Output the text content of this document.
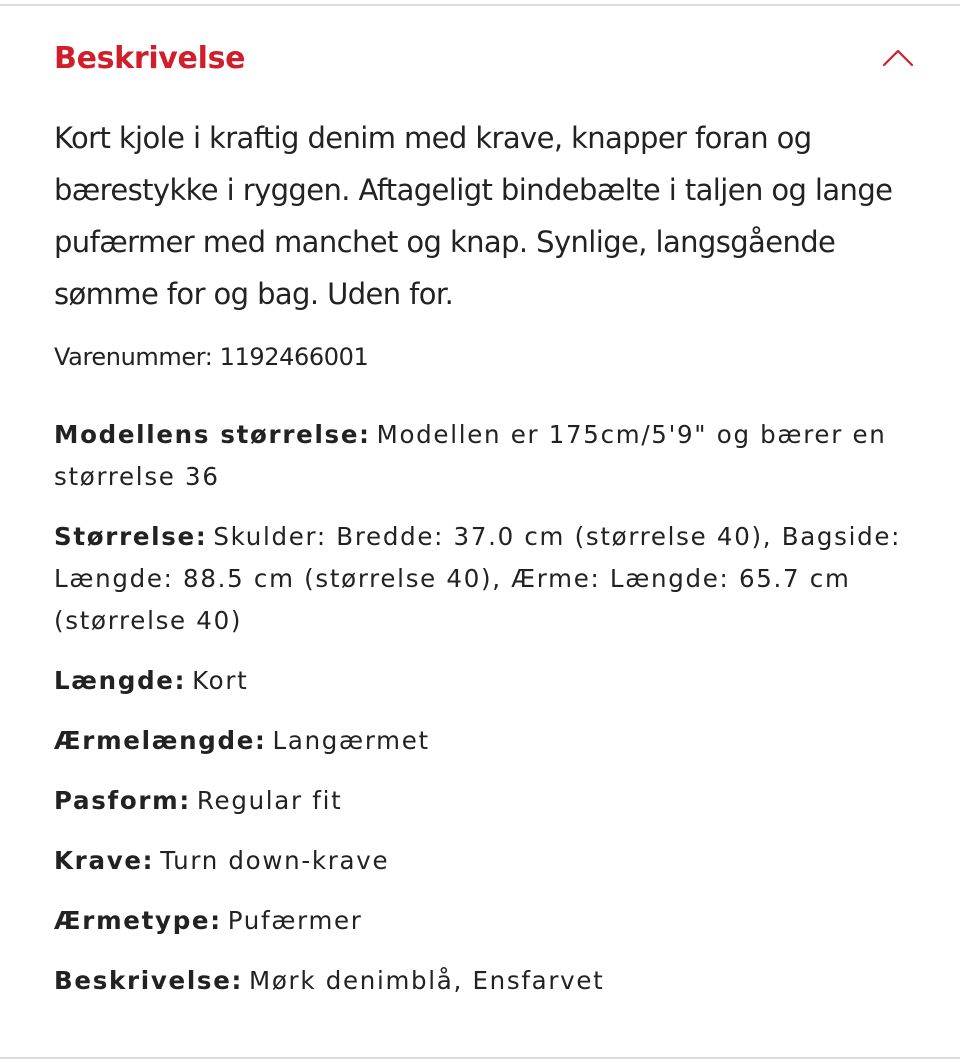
Beskrivelse

Kort kjole i kraftig denim med krave, knapper foran og bærestykke i ryggen. Aftageligt bindebælte i taljen og lange pufærmer med manchet og knap. Synlige, langsgående sømme for og bag. Uden for.

Varenummer: 1192466001
Modellens størrelse: Modellen er 175cm/5'9" og bærer en størrelse 36
Størrelse: Skulder: Bredde: 37.0 cm (størrelse 40), Bagside: Længde: 88.5 cm (størrelse 40), Ærme: Længde: 65.7 cm (størrelse 40)
Længde: Kort
Ærmelængde: Langærmet
Pasform: Regular fit
Krave: Turn down-krave
Ærmetype: Pufærmer
Beskrivelse: Mørk denimblå, Ensfarvet
